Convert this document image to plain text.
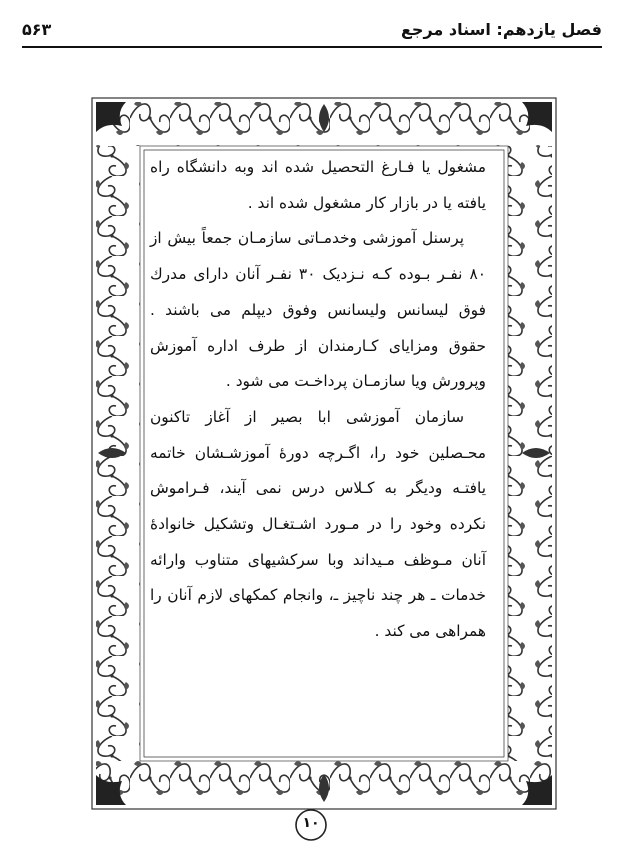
فصل یازدهم: اسناد مرجع
۵۶۳

مشغول یا فـارغ التحصیل شده اند وبه دانشگاه راه یافته یا در بازار کار مشغول شده اند .

پرسنل آموزشی وخدمـاتی سازمـان جمعاً بیش از ۸۰ نفـر بـوده کـه نـزدیک ۳۰ نفـر آنان دارای مدرك فوق لیسانس ولیسانس وفوق دیپلم می باشند . حقوق ومزایای کـارمندان از طرف اداره آموزش وپرورش ویا سازمـان پرداخـت می شود .

سازمان آموزشی ابا بصیر از آغاز تاکنون محـصلین خود را، اگـرچه دوره‌ٔ آموزشـشان خاتمه یافتـه ودیگر به کـلاس درس نمی آیند، فـراموش نکرده وخود را در مـورد اشـتغـال وتشکیل خانوادهٔ آنان مـوظف مـیداند وبا سرکشیهای متناوب وارائه خدمات ـ هر چند ناچیز ـ، وانجام کمکهای لازم آنان را همراهی می کند .

۱۰
